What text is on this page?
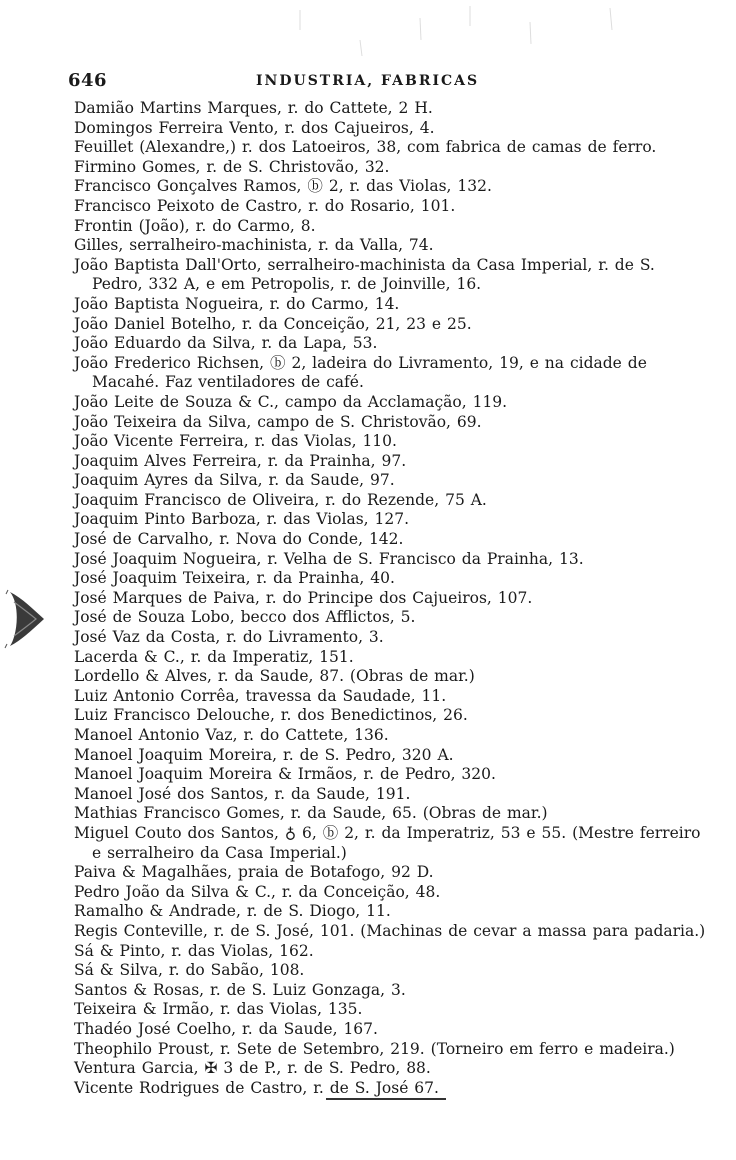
646	INDUSTRIA, FABRICAS
Damião Martins Marques, r. do Cattete, 2 H.
Domingos Ferreira Vento, r. dos Cajueiros, 4.
Feuillet (Alexandre,) r. dos Latoeiros, 38, com fabrica de camas de ferro.
Firmino Gomes, r. de S. Christovão, 32.
Francisco Gonçalves Ramos, ⓑ 2, r. das Violas, 132.
Francisco Peixoto de Castro, r. do Rosario, 101.
Frontin (João), r. do Carmo, 8.
Gilles, serralheiro-machinista, r. da Valla, 74.
João Baptista Dall'Orto, serralheiro-machinista da Casa Imperial, r. de S. Pedro, 332 A, e em Petropolis, r. de Joinville, 16.
João Baptista Nogueira, r. do Carmo, 14.
João Daniel Botelho, r. da Conceição, 21, 23 e 25.
João Eduardo da Silva, r. da Lapa, 53.
João Frederico Richsen, ⓑ 2, ladeira do Livramento, 19, e na cidade de Macahé. Faz ventiladores de café.
João Leite de Souza & C., campo da Acclamação, 119.
João Teixeira da Silva, campo de S. Christovão, 69.
João Vicente Ferreira, r. das Violas, 110.
Joaquim Alves Ferreira, r. da Prainha, 97.
Joaquim Ayres da Silva, r. da Saude, 97.
Joaquim Francisco de Oliveira, r. do Rezende, 75 A.
Joaquim Pinto Barboza, r. das Violas, 127.
José de Carvalho, r. Nova do Conde, 142.
José Joaquim Nogueira, r. Velha de S. Francisco da Prainha, 13.
José Joaquim Teixeira, r. da Prainha, 40.
José Marques de Paiva, r. do Principe dos Cajueiros, 107.
José de Souza Lobo, becco dos Afflictos, 5.
José Vaz da Costa, r. do Livramento, 3.
Lacerda & C., r. da Imperatiz, 151.
Lordello & Alves, r. da Saude, 87. (Obras de mar.)
Luiz Antonio Corrêa, travessa da Saudade, 11.
Luiz Francisco Delouche, r. dos Benedictinos, 26.
Manoel Antonio Vaz, r. do Cattete, 136.
Manoel Joaquim Moreira, r. de S. Pedro, 320 A.
Manoel Joaquim Moreira & Irmãos, r. de Pedro, 320.
Manoel José dos Santos, r. da Saude, 191.
Mathias Francisco Gomes, r. da Saude, 65. (Obras de mar.)
Miguel Couto dos Santos, ♁ 6, ⓑ 2, r. da Imperatriz, 53 e 55. (Mestre ferreiro e serralheiro da Casa Imperial.)
Paiva & Magalhães, praia de Botafogo, 92 D.
Pedro João da Silva & C., r. da Conceição, 48.
Ramalho & Andrade, r. de S. Diogo, 11.
Regis Conteville, r. de S. José, 101. (Machinas de cevar a massa para padaria.)
Sá & Pinto, r. das Violas, 162.
Sá & Silva, r. do Sabão, 108.
Santos & Rosas, r. de S. Luiz Gonzaga, 3.
Teixeira & Irmão, r. das Violas, 135.
Thadéo José Coelho, r. da Saude, 167.
Theophilo Proust, r. Sete de Setembro, 219. (Torneiro em ferro e madeira.)
Ventura Garcia, ✠ 3 de P., r. de S. Pedro, 88.
Vicente Rodrigues de Castro, r. de S. José 67.
